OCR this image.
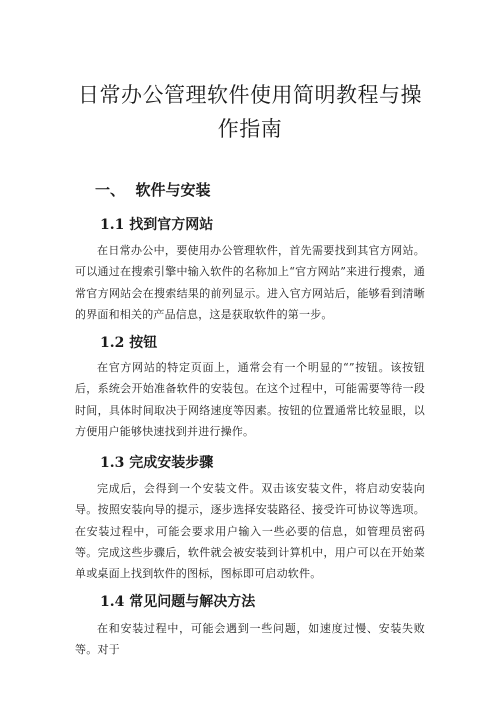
日常办公管理软件使用简明教程与操作指南
一、  软件与安装
1.1 找到官方网站
在日常办公中，要使用办公管理软件，首先需要找到其官方网站。可以通过在搜索引擎中输入软件的名称加上“官方网站”来进行搜索，通常官方网站会在搜索结果的前列显示。进入官方网站后，能够看到清晰的界面和相关的产品信息，这是获取软件的第一步。
1.2 按钮
在官方网站的特定页面上，通常会有一个明显的“”按钮。该按钮后，系统会开始准备软件的安装包。在这个过程中，可能需要等待一段时间，具体时间取决于网络速度等因素。按钮的位置通常比较显眼，以方便用户能够快速找到并进行操作。
1.3 完成安装步骤
完成后，会得到一个安装文件。双击该安装文件，将启动安装向导。按照安装向导的提示，逐步选择安装路径、接受许可协议等选项。在安装过程中，可能会要求用户输入一些必要的信息，如管理员密码等。完成这些步骤后，软件就会被安装到计算机中，用户可以在开始菜单或桌面上找到软件的图标，图标即可启动软件。
1.4 常见问题与解决方法
在和安装过程中，可能会遇到一些问题，如速度过慢、安装失败等。对于
